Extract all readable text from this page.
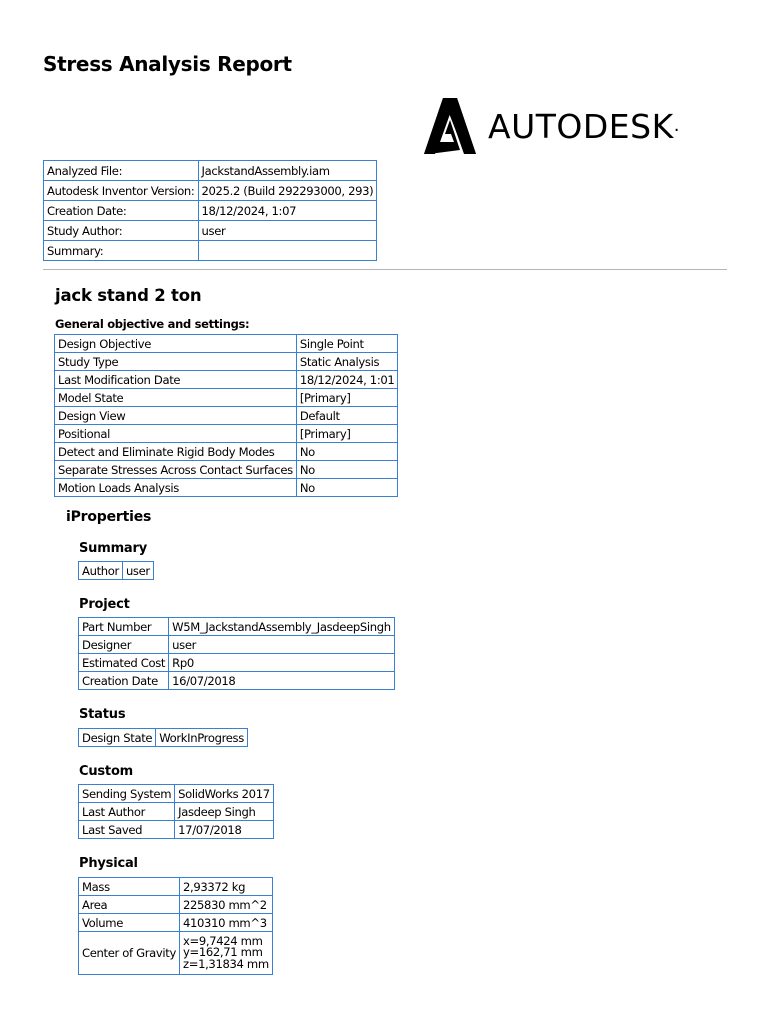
Stress Analysis Report
AUTODESK .
Analyzed File:	JackstandAssembly.iam
Autodesk Inventor Version:	2025.2 (Build 292293000, 293)
Creation Date:	18/12/2024, 1:07
Study Author:	user
Summary:	
jack stand 2 ton
General objective and settings:
Design Objective	Single Point
Study Type	Static Analysis
Last Modification Date	18/12/2024, 1:01
Model State	[Primary]
Design View	Default
Positional	[Primary]
Detect and Eliminate Rigid Body Modes	No
Separate Stresses Across Contact Surfaces	No
Motion Loads Analysis	No
iProperties
Summary
Author	user
Project
Part Number	W5M_JackstandAssembly_JasdeepSingh
Designer	user
Estimated Cost	Rp0
Creation Date	16/07/2018
Status
Design State	WorkInProgress
Custom
Sending System	SolidWorks 2017
Last Author	Jasdeep Singh
Last Saved	17/07/2018
Physical
Mass	2,93372 kg
Area	225830 mm^2
Volume	410310 mm^3
Center of Gravity	x=9,7424 mm
y=162,71 mm
z=1,31834 mm
